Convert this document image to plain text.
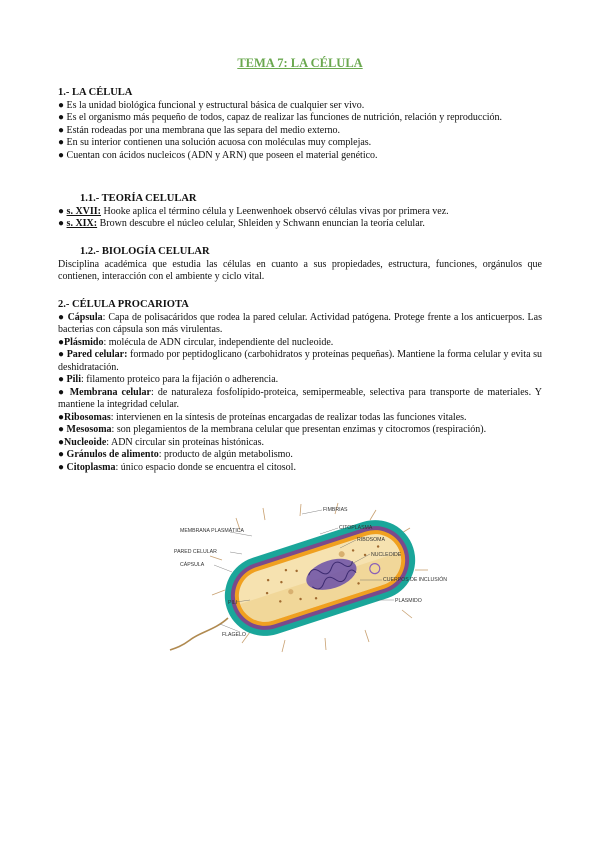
TEMA 7: LA CÉLULA

1.- LA CÉLULA

● Es la unidad biológica funcional y estructural básica de cualquier ser vivo.

● Es el organismo más pequeño de todos, capaz de realizar las funciones de nutrición, relación y reproducción.

● Están rodeadas por una membrana que las separa del medio externo.

● En su interior contienen una solución acuosa con moléculas muy complejas.

● Cuentan con ácidos nucleicos (ADN y ARN) que poseen el material genético.

1.1.- TEORÍA CELULAR

● s. XVII: Hooke aplica el término célula y Leenwenhoek observó células vivas por primera vez.

● s. XIX: Brown descubre el núcleo celular, Shleiden y Schwann enuncian la teoría celular.

1.2.- BIOLOGÍA CELULAR

Disciplina académica que estudia las células en cuanto a sus propiedades, estructura, funciones, orgánulos que contienen, interacción con el ambiente y ciclo vital.

2.- CÉLULA PROCARIOTA

● Cápsula: Capa de polisacáridos que rodea la pared celular. Actividad patógena. Protege frente a los anticuerpos. Las bacterias con cápsula son más virulentas.

●Plásmido: molécula de ADN circular, independiente del nucleoide.

● Pared celular: formado por peptidoglicano (carbohidratos y proteínas pequeñas). Mantiene la forma celular y evita su deshidratación.

● Pili: filamento proteico para la fijación o adherencia.

● Membrana celular: de naturaleza fosfolípido-proteica, semipermeable, selectiva para transporte de materiales. Y mantiene la integridad celular.

●Ribosomas: intervienen en la síntesis de proteínas encargadas de realizar todas las funciones vitales.

● Mesosoma: son plegamientos de la membrana celular que presentan enzimas y citocromos (respiración).

●Nucleoide: ADN circular sin proteínas histónicas.

● Gránulos de alimento: producto de algún metabolismo.

● Citoplasma: único espacio donde se encuentra el citosol.

FIMBRIAS
MEMBRANA PLASMÁTICA	CITOPLASMA
RIBOSOMA
PARED CELULAR	NUCLEOIDE
CÁPSULA
CUERPOS DE INCLUSIÓN
PLASMIDO
PILI
FLAGELO
